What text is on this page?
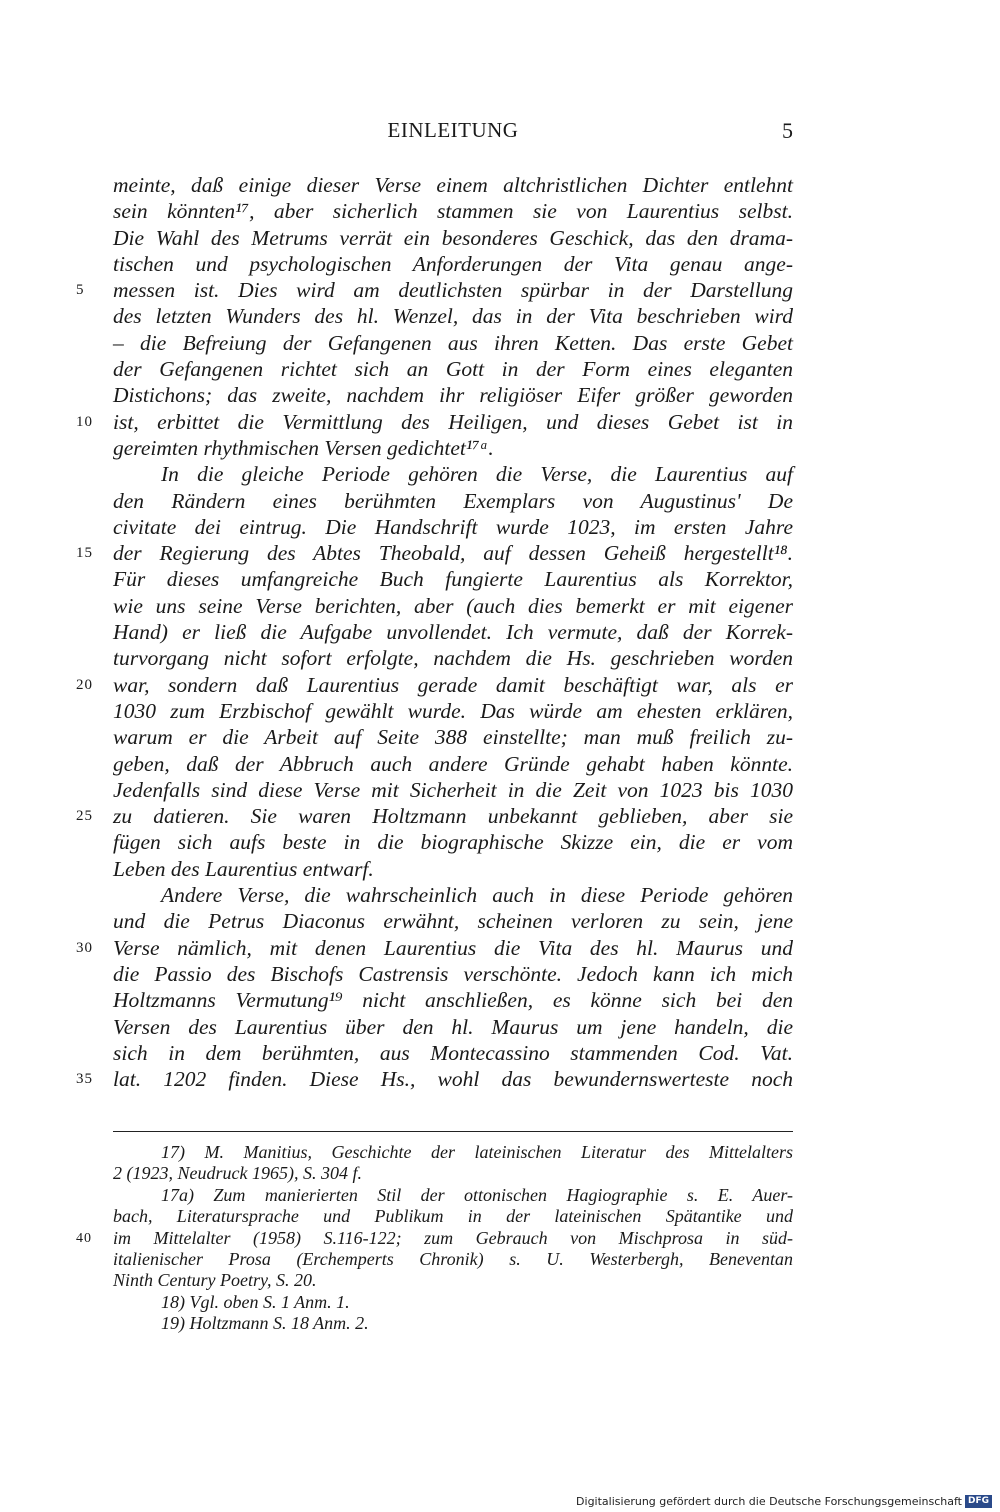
EINLEITUNG	5
meinte, daß einige dieser Verse einem altchristlichen Dichter entlehnt
sein könnten¹⁷, aber sicherlich stammen sie von Laurentius selbst.
Die Wahl des Metrums verrät ein besonderes Geschick, das den drama-
tischen und psychologischen Anforderungen der Vita genau ange-
5	messen ist. Dies wird am deutlichsten spürbar in der Darstellung
des letzten Wunders des hl. Wenzel, das in der Vita beschrieben wird
– die Befreiung der Gefangenen aus ihren Ketten. Das erste Gebet
der Gefangenen richtet sich an Gott in der Form eines eleganten
Distichons; das zweite, nachdem ihr religiöser Eifer größer geworden
10 ist, erbittet die Vermittlung des Heiligen, und dieses Gebet ist in
gereimten rhythmischen Versen gedichtet¹⁷ᵃ.
In die gleiche Periode gehören die Verse, die Laurentius auf
den Rändern eines berühmten Exemplars von Augustinus' De
civitate dei eintrug. Die Handschrift wurde 1023, im ersten Jahre
15 der Regierung des Abtes Theobald, auf dessen Geheiß hergestellt¹⁸.
Für dieses umfangreiche Buch fungierte Laurentius als Korrektor,
wie uns seine Verse berichten, aber (auch dies bemerkt er mit eigener
Hand) er ließ die Aufgabe unvollendet. Ich vermute, daß der Korrek-
turvorgang nicht sofort erfolgte, nachdem die Hs. geschrieben worden
20 war, sondern daß Laurentius gerade damit beschäftigt war, als er
1030 zum Erzbischof gewählt wurde. Das würde am ehesten erklären,
warum er die Arbeit auf Seite 388 einstellte; man muß freilich zu-
geben, daß der Abbruch auch andere Gründe gehabt haben könnte.
Jedenfalls sind diese Verse mit Sicherheit in die Zeit von 1023 bis 1030
25 zu datieren. Sie waren Holtzmann unbekannt geblieben, aber sie
fügen sich aufs beste in die biographische Skizze ein, die er vom
Leben des Laurentius entwarf.
Andere Verse, die wahrscheinlich auch in diese Periode gehören
und die Petrus Diaconus erwähnt, scheinen verloren zu sein, jene
30 Verse nämlich, mit denen Laurentius die Vita des hl. Maurus und
die Passio des Bischofs Castrensis verschönte. Jedoch kann ich mich
Holtzmanns Vermutung¹⁹ nicht anschließen, es könne sich bei den
Versen des Laurentius über den hl. Maurus um jene handeln, die
sich in dem berühmten, aus Montecassino stammenden Cod. Vat.
35 lat. 1202 finden. Diese Hs., wohl das bewundernswerteste noch
17) M. Manitius, Geschichte der lateinischen Literatur des Mittelalters
2 (1923, Neudruck 1965), S. 304 f.
17a) Zum manierierten Stil der ottonischen Hagiographie s. E. Auer-
bach, Literatursprache und Publikum in der lateinischen Spätantike und
40	im Mittelalter (1958) S.116-122; zum Gebrauch von Mischprosa in süd-
italienischer Prosa (Erchemperts Chronik) s. U. Westerbergh, Beneventan
Ninth Century Poetry, S. 20.
18) Vgl. oben S. 1 Anm. 1.
19) Holtzmann S. 18 Anm. 2.
Digitalisierung gefördert durch die Deutsche Forschungsgemeinschaft DFG
